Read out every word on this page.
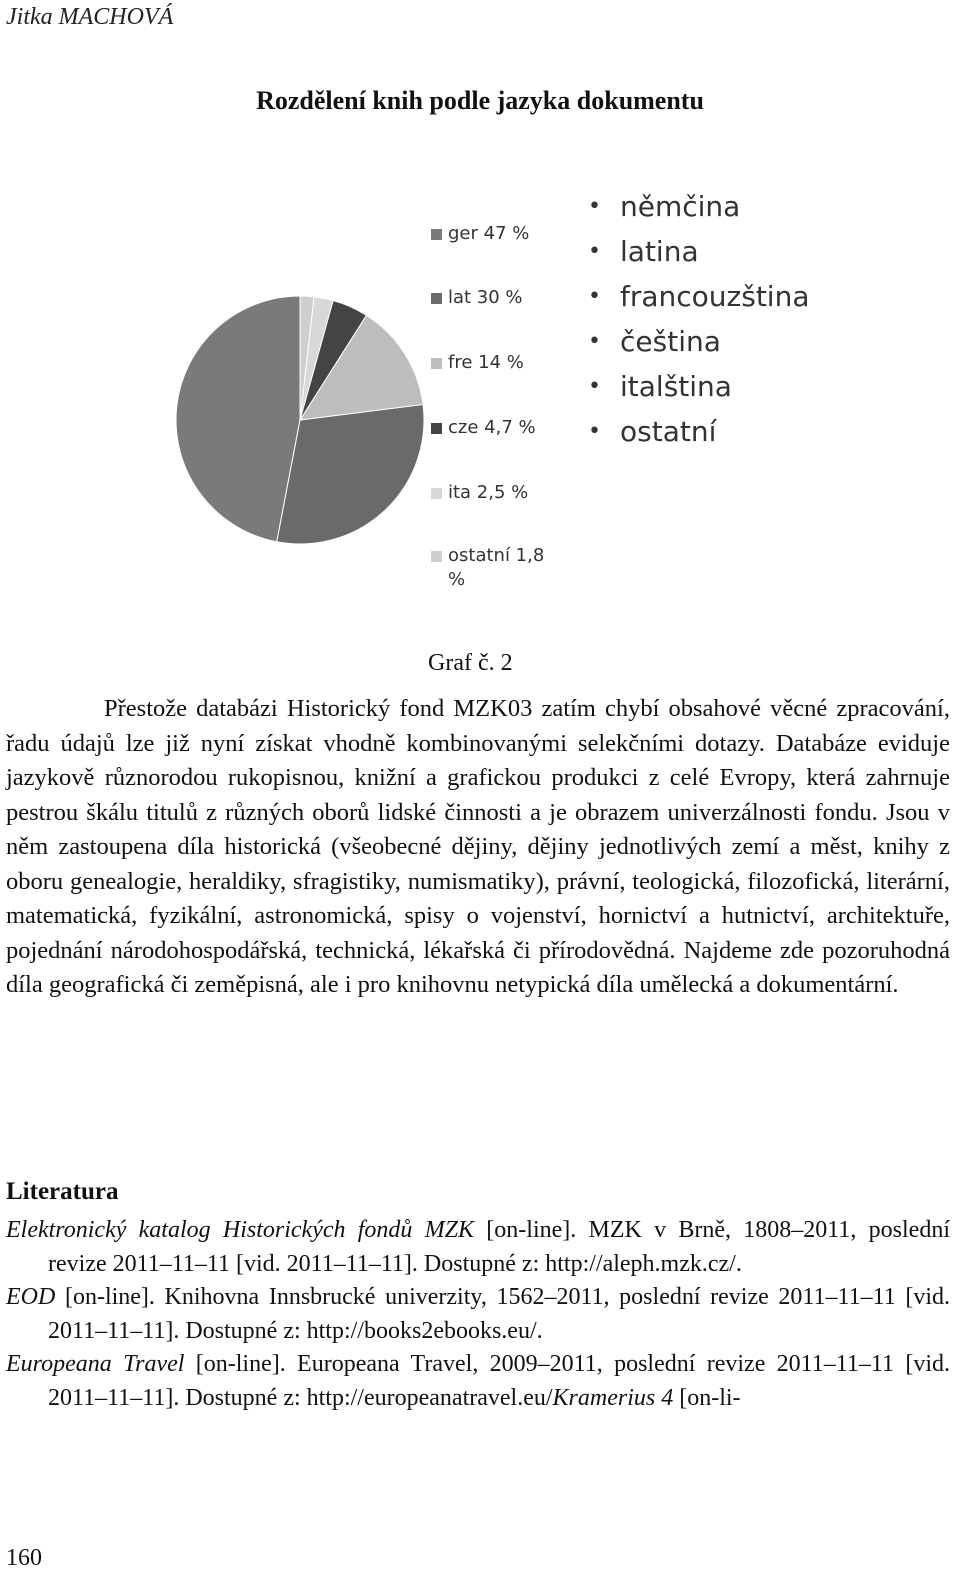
Jitka MACHOVÁ
Rozdělení knih podle jazyka dokumentu
ger 47 %
lat 30 %
fre 14 %
cze 4,7 %
ita 2,5 %
ostatní 1,8 %
• němčina
• latina
• francouzština
• čeština
• italština
• ostatní
Graf č. 2

Přestože databázi Historický fond MZK03 zatím chybí obsahové věcné zpracování, řadu údajů lze již nyní získat vhodně kombinovanými selekčními dotazy. Databáze eviduje jazykově různorodou rukopisnou, knižní a grafickou produkci z celé Evropy, která zahrnuje pestrou škálu titulů z různých oborů lidské činnosti a je obrazem univerzálnosti fondu. Jsou v něm zastoupena díla historická (všeobecné dějiny, dějiny jednotlivých zemí a měst, knihy z oboru genealogie, heraldiky, sfragistiky, numismatiky), právní, teologická, filozofická, literární, matematická, fyzikální, astronomická, spisy o vojenství, hornictví a hutnictví, architektuře, pojednání národohospodářská, technická, lékařská či přírodovědná. Najdeme zde pozoruhodná díla geografická či zeměpisná, ale i pro knihovnu netypická díla umělecká a dokumentární.

Literatura

Elektronický katalog Historických fondů MZK [on-line]. MZK v Brně, 1808–2011, poslední revize 2011–11–11 [vid. 2011–11–11]. Dostupné z: http://aleph.mzk.cz/.

EOD [on-line]. Knihovna Innsbrucké univerzity, 1562–2011, poslední revize 2011–11–11 [vid. 2011–11–11]. Dostupné z: http://books2ebooks.eu/.

Europeana Travel [on-line]. Europeana Travel, 2009–2011, poslední revize 2011–11–11 [vid. 2011–11–11]. Dostupné z: http://europeanatravel.eu/Kramerius 4 [on-li-

160
